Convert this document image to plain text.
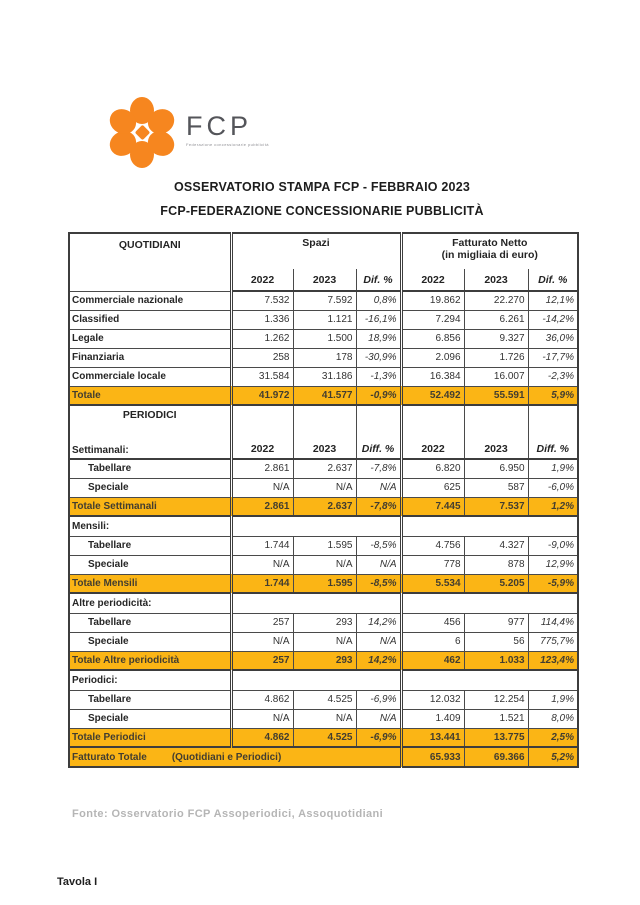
FCP
Federazione concessionarie pubblicità
OSSERVATORIO STAMPA FCP - FEBBRAIO 2023
FCP-FEDERAZIONE CONCESSIONARIE PUBBLICITÀ
QUOTIDIANI	Spazi			Fatturato Netto
(in migliaia di euro)		

	2022	2023	Dif. %	2022	2023	Dif. %
Commerciale nazionale	7.532	7.592	0,8%	19.862	22.270	12,1%
Classified	1.336	1.121	-16,1%	7.294	6.261	-14,2%
Legale	1.262	1.500	18,9%	6.856	9.327	36,0%
Finanziaria	258	178	-30,9%	2.096	1.726	-17,7%
Commerciale locale	31.584	31.186	-1,3%	16.384	16.007	-2,3%
Totale	41.972	41.577	-0,9%	52.492	55.591	5,9%

PERIODICI
Settimanali:	2022	2023	Diff. %	2022	2023	Diff. %

Tabellare	2.861	2.637	-7,8%	6.820	6.950	1,9%
Speciale	N/A	N/A	N/A	625	587	-6,0%
Totale Settimanali	2.861	2.637	-7,8%	7.445	7.537	1,2%
Mensili:						
Tabellare	1.744	1.595	-8,5%	4.756	4.327	-9,0%
Speciale	N/A	N/A	N/A	778	878	12,9%
Totale Mensili	1.744	1.595	-8,5%	5.534	5.205	-5,9%
Altre periodicità:						
Tabellare	257	293	14,2%	456	977	114,4%
Speciale	N/A	N/A	N/A	6	56	775,7%
Totale Altre periodicità	257	293	14,2%	462	1.033	123,4%
Periodici:						
Tabellare	4.862	4.525	-6,9%	12.032	12.254	1,9%
Speciale	N/A	N/A	N/A	1.409	1.521	8,0%
Totale Periodici	4.862	4.525	-6,9%	13.441	13.775	2,5%

Fatturato Totale (Quotidiani e Periodici)				65.933	69.366	5,2%
Fonte: Osservatorio FCP Assoperiodici, Assoquotidiani
Tavola I
